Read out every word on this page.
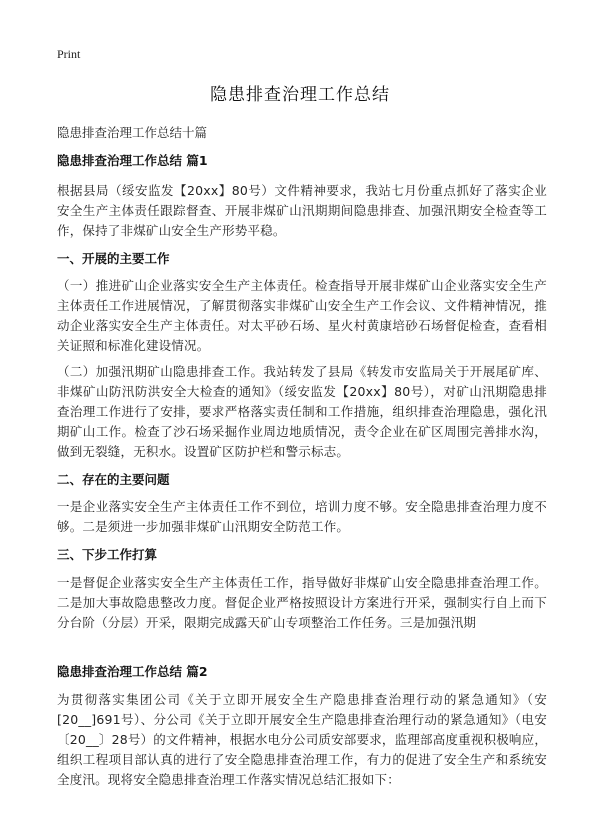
Print
隐患排查治理工作总结
隐患排查治理工作总结十篇
隐患排查治理工作总结 篇1

根据县局（绥安监发【20xx】80号）文件精神要求，我站七月份重点抓好了落实企业安全生产主体责任跟踪督查、开展非煤矿山汛期期间隐患排查、加强汛期安全检查等工作，保持了非煤矿山安全生产形势平稳。

一、开展的主要工作

（一）推进矿山企业落实安全生产主体责任。检查指导开展非煤矿山企业落实安全生产主体责任工作进展情况，了解贯彻落实非煤矿山安全生产工作会议、文件精神情况，推动企业落实安全生产主体责任。对太平砂石场、星火村黄康培砂石场督促检查，查看相关证照和标准化建设情况。

（二）加强汛期矿山隐患排查工作。我站转发了县局《转发市安监局关于开展尾矿库、非煤矿山防汛防洪安全大检查的通知》（绥安监发【20xx】80号），对矿山汛期隐患排查治理工作进行了安排，要求严格落实责任制和工作措施，组织排查治理隐患，强化汛期矿山工作。检查了沙石场采掘作业周边地质情况，责令企业在矿区周围完善排水沟，做到无裂缝，无积水。设置矿区防护栏和警示标志。

二、存在的主要问题

一是企业落实安全生产主体责任工作不到位，培训力度不够。安全隐患排查治理力度不够。二是须进一步加强非煤矿山汛期安全防范工作。

三、下步工作打算

一是督促企业落实安全生产主体责任工作，指导做好非煤矿山安全隐患排查治理工作。二是加大事故隐患整改力度。督促企业严格按照设计方案进行开采，强制实行自上而下分台阶（分层）开采，限期完成露天矿山专项整治工作任务。三是加强汛期

隐患排查治理工作总结 篇2

为贯彻落实集团公司《关于立即开展安全生产隐患排查治理行动的紧急通知》（安[20__]691号）、分公司《关于立即开展安全生产隐患排查治理行动的紧急通知》（电安〔20__〕28号）的文件精神，根据水电分公司质安部要求，监理部高度重视积极响应，组织工程项目部认真的进行了安全隐患排查治理工作，有力的促进了安全生产和系统安全度汛。现将安全隐患排查治理工作落实情况总结汇报如下：
